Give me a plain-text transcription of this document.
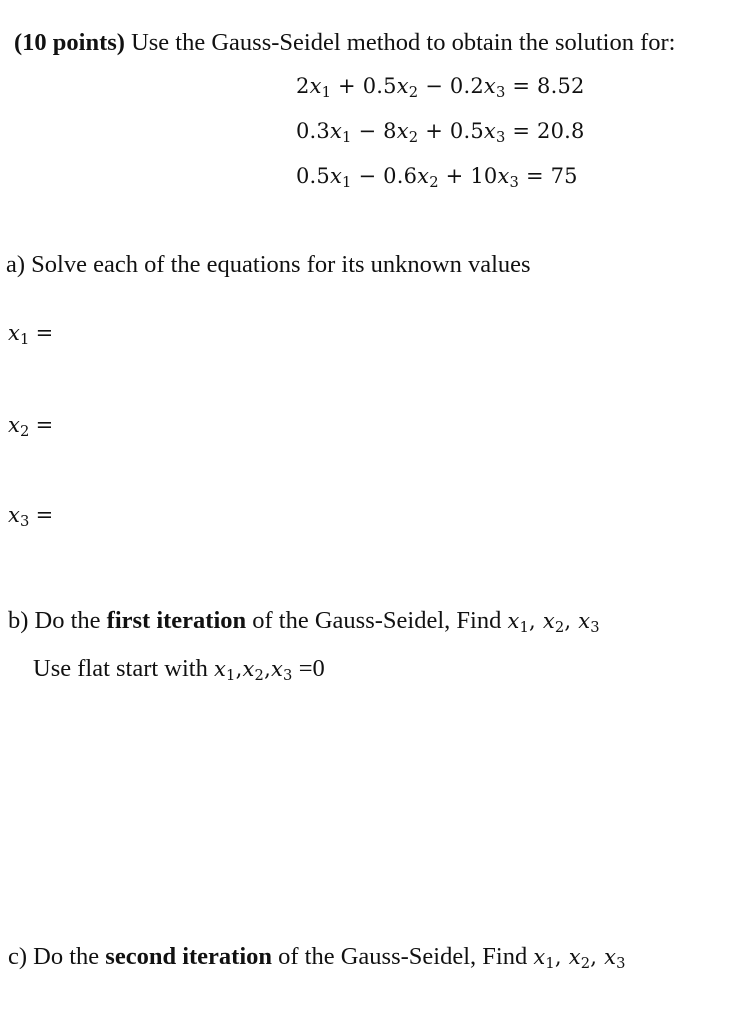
(10 points) Use the Gauss-Seidel method to obtain the solution for:
$2x_1 + 0.5x_2 - 0.2x_3 = 8.52$
$0.3x_1 - 8x_2 + 0.5x_3 = 20.8$
$0.5x_1 - 0.6x_2 + 10x_3 = 75$
a) Solve each of the equations for its unknown values
$x_1$ =
$x_2$ =
$x_3$ =
b) Do the first iteration of the Gauss-Seidel, Find $x_1$, $x_2$, $x_3$
Use flat start with $x_1,x_2,x_3 =0$
c) Do the second iteration of the Gauss-Seidel, Find $x_1$, $x_2$, $x_3$
